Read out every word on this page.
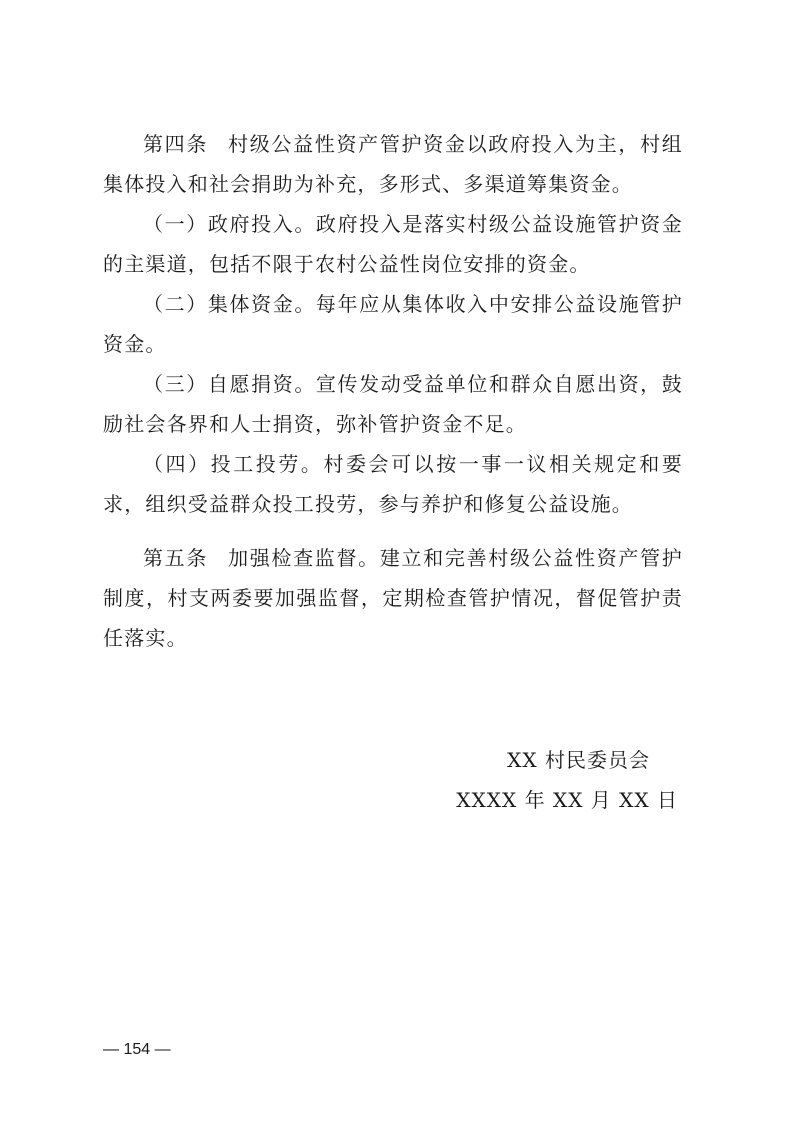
第四条 村级公益性资产管护资金以政府投入为主，村组集体投入和社会捐助为补充，多形式、多渠道筹集资金。

（一）政府投入。政府投入是落实村级公益设施管护资金的主渠道，包括不限于农村公益性岗位安排的资金。

（二）集体资金。每年应从集体收入中安排公益设施管护资金。

（三）自愿捐资。宣传发动受益单位和群众自愿出资，鼓励社会各界和人士捐资，弥补管护资金不足。

（四）投工投劳。村委会可以按一事一议相关规定和要求，组织受益群众投工投劳，参与养护和修复公益设施。

第五条 加强检查监督。建立和完善村级公益性资产管护制度，村支两委要加强监督，定期检查管护情况，督促管护责任落实。

XX 村民委员会
XXXX 年 XX 月 XX 日
— 154 —
